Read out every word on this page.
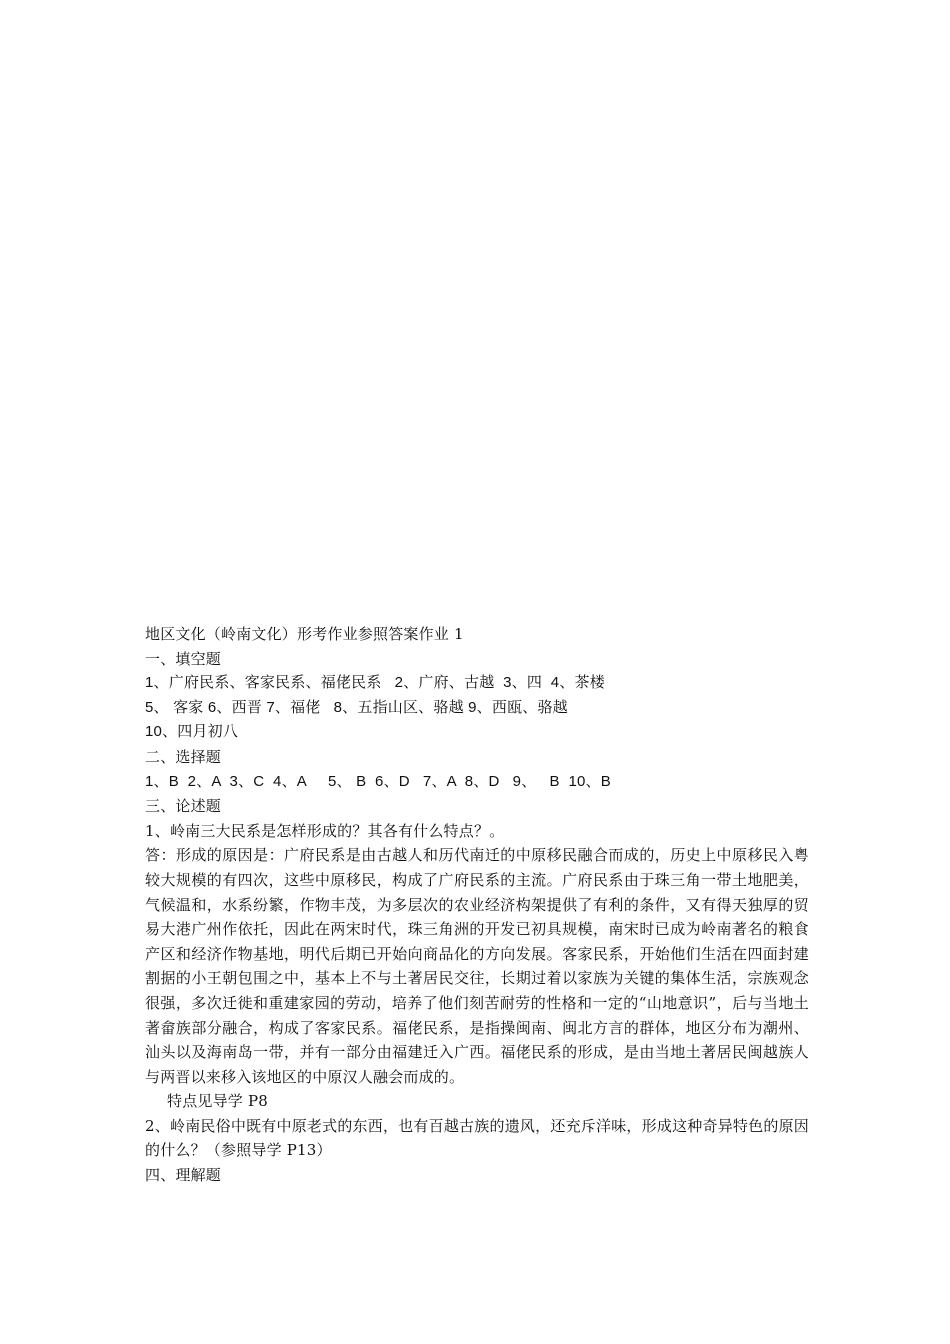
地区文化（岭南文化）形考作业参照答案作业 1

一、填空题

1、广府民系、客家民系、福佬民系   2、广府、古越  3、四  4、茶楼

5、 客家 6、西晋 7、福佬   8、五指山区、骆越 9、西瓯、骆越

10、四月初八

二、选择题

1、B  2、A  3、C  4、A     5、 B  6、D   7、A  8、D   9、   B  10、B

三、论述题

1、岭南三大民系是怎样形成的？其各有什么特点？。

答：形成的原因是：广府民系是由古越人和历代南迁的中原移民融合而成的，历史上中原移民入粤较大规模的有四次，这些中原移民，构成了广府民系的主流。广府民系由于珠三角一带土地肥美，气候温和，水系纷繁，作物丰茂，为多层次的农业经济构架提供了有利的条件，又有得天独厚的贸易大港广州作依托，因此在两宋时代，珠三角洲的开发已初具规模，南宋时已成为岭南著名的粮食产区和经济作物基地，明代后期已开始向商品化的方向发展。客家民系，开始他们生活在四面封建割据的小王朝包围之中，基本上不与土著居民交往，长期过着以家族为关键的集体生活，宗族观念很强，多次迁徙和重建家园的劳动，培养了他们刻苦耐劳的性格和一定的“山地意识”，后与当地土著畲族部分融合，构成了客家民系。福佬民系，是指操闽南、闽北方言的群体，地区分布为潮州、汕头以及海南岛一带，并有一部分由福建迁入广西。福佬民系的形成，是由当地土著居民闽越族人与两晋以来移入该地区的中原汉人融会而成的。

特点见导学 P8

2、岭南民俗中既有中原老式的东西，也有百越古族的遗风，还充斥洋味，形成这种奇异特色的原因的什么？（参照导学 P13）

四、理解题
